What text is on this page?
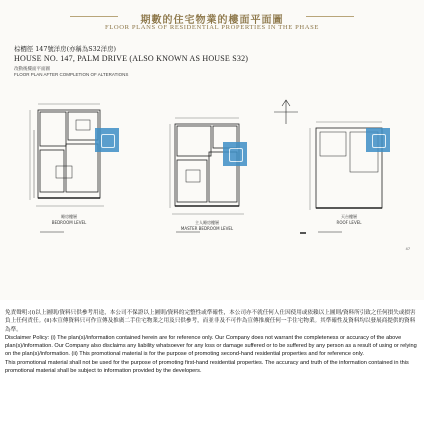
期數的住宅物業的樓面平面圖
FLOOR PLANS OF RESIDENTIAL PROPERTIES IN THE PHASE
棕櫚徑 147號洋房(亦稱為S32洋房)
HOUSE NO. 147, PALM DRIVE (ALSO KNOWN AS HOUSE S32)
改動後樓面平面圖
FLOOR PLAN AFTER COMPLETION OF ALTERATIONS
睡房樓層
BEDROOM LEVEL	主人睡房樓層
MASTER BEDROOM LEVEL
天台樓層
ROOF LEVEL
47

免責聲明:(i)以上圖則/資料只供參考用途，本公司不保證以上圖則/資料的完整性或準確性，本公司亦不就任何人仕因使用或依賴以上圖則/資料所引致之任何損失或損害負上任何責任。(ii)本宣傳資料只可作宣傳及推廣二手住宅物業之用及只供參考，而並非及不可作為宣傳推廣任何一手住宅物業。其準確性及資料均以發展商提供的資料為準。

Disclaimer Policy: (i) The plan(s)/information contained herein are for reference only. Our Company does not warrant the completeness or accuracy of the above plan(s)/information. Our Company also disclaims any liability whatsoever for any loss or damage suffered or to be suffered by any person as a result of using or relying on the plan(s)/information. (ii) This promotional material is for the purpose of promoting second-hand residential properties and for reference only.

This promotional material shall not be used for the purpose of promoting first-hand residential properties. The accuracy and truth of the information contained in this promotional material shall be subject to information provided by the developers.
